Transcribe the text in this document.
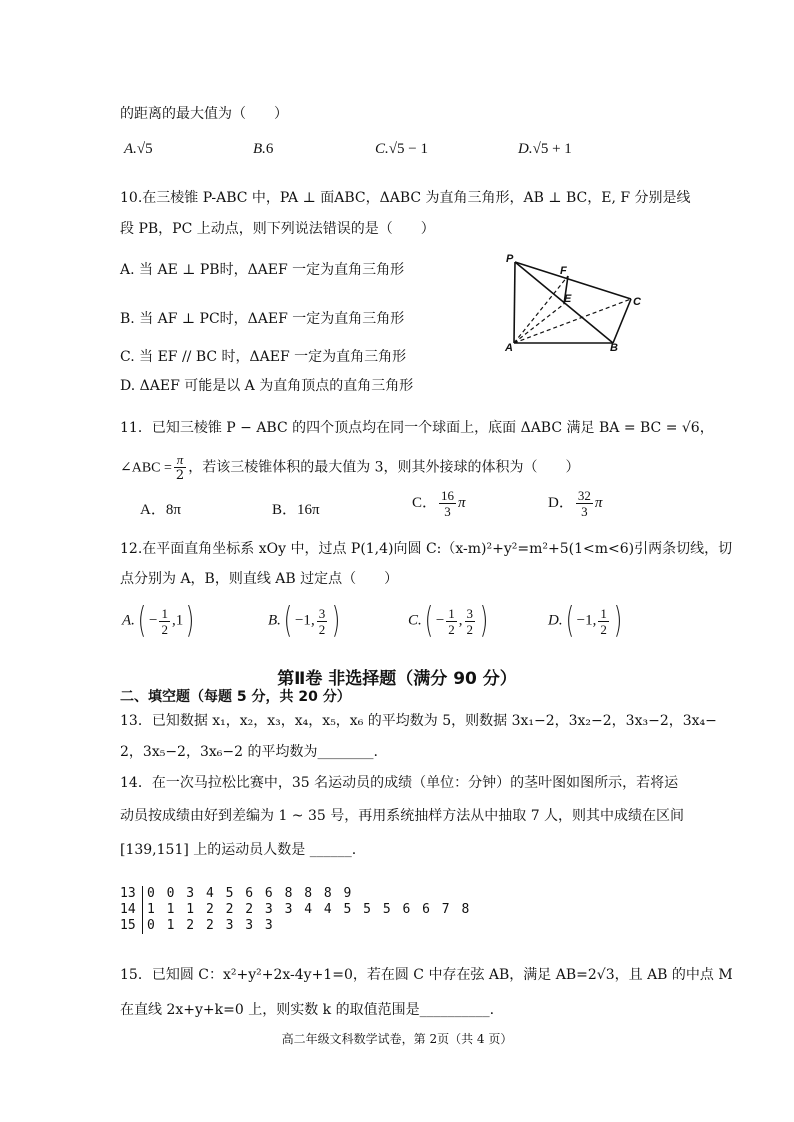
的距离的最大值为（　　）
A.√5	B.6	C.√5 − 1	D.√5 + 1
10.在三棱锥 P-ABC 中，PA ⊥ 面ABC，ΔABC 为直角三角形，AB ⊥ BC，E, F 分别是线
段 PB，PC 上动点，则下列说法错误的是（　　）
A. 当 AE ⊥ PB时，ΔAEF 一定为直角三角形
B. 当 AF ⊥ PC时，ΔAEF 一定为直角三角形
C. 当 EF // BC 时，ΔAEF 一定为直角三角形
D. ΔAEF 可能是以 A 为直角顶点的直角三角形
P
F
E	C
A	B
11．已知三棱锥 P − ABC 的四个顶点均在同一个球面上，底面 ΔABC 满足 BA = BC = √6，
∠ABC = $\frac{\pi}{2}$ ，若该三棱锥体积的最大值为 3，则其外接球的体积为（　　）
A．8π	B．16π	C． $\frac{16}{3}$ π	D． $\frac{32}{3}$ π
12.在平面直角坐标系 xOy 中，过点 P(1,4)向圆 C:（x-m)²+y²=m²+5(1<m<6)引两条切线，切
点分别为 A，B，则直线 AB 过定点（　　）
$A.( - \frac{1}{2} ,1)$	B.( −1, $\frac{3}{2}$ )	$C.( - \frac{1}{2}$ , $\frac{3}{2}$ )	D.( −1, $\frac{1}{2}$ )
第Ⅱ卷 非选择题（满分 90 分）
二、填空题（每题 5 分，共 20 分）
13．已知数据 x₁，x₂，x₃，x₄，x₅，x₆ 的平均数为 5，则数据 3x₁−2，3x₂−2，3x₃−2，3x₄−
2，3x₅−2，3x₆−2 的平均数为________.
14．在一次马拉松比赛中，35 名运动员的成绩（单位：分钟）的茎叶图如图所示，若将运
动员按成绩由好到差编为 1 ~ 35 号，再用系统抽样方法从中抽取 7 人，则其中成绩在区间
[139,151] 上的运动员人数是 ______.
13 0 0 3 4 5 6 6 8 8 8 9
14 1 1 1 2 2 2 3 3 4 4 5 5 5 6 6 7 8
15 0 1 2 2 3 3 3
15．已知圆 C：x²+y²+2x-4y+1=0，若在圆 C 中存在弦 AB，满足 AB=2√3，且 AB 的中点 M
在直线 2x+y+k=0 上，则实数 k 的取值范围是__________.
高二年级文科数学试卷，第 2页（共 4 页）
